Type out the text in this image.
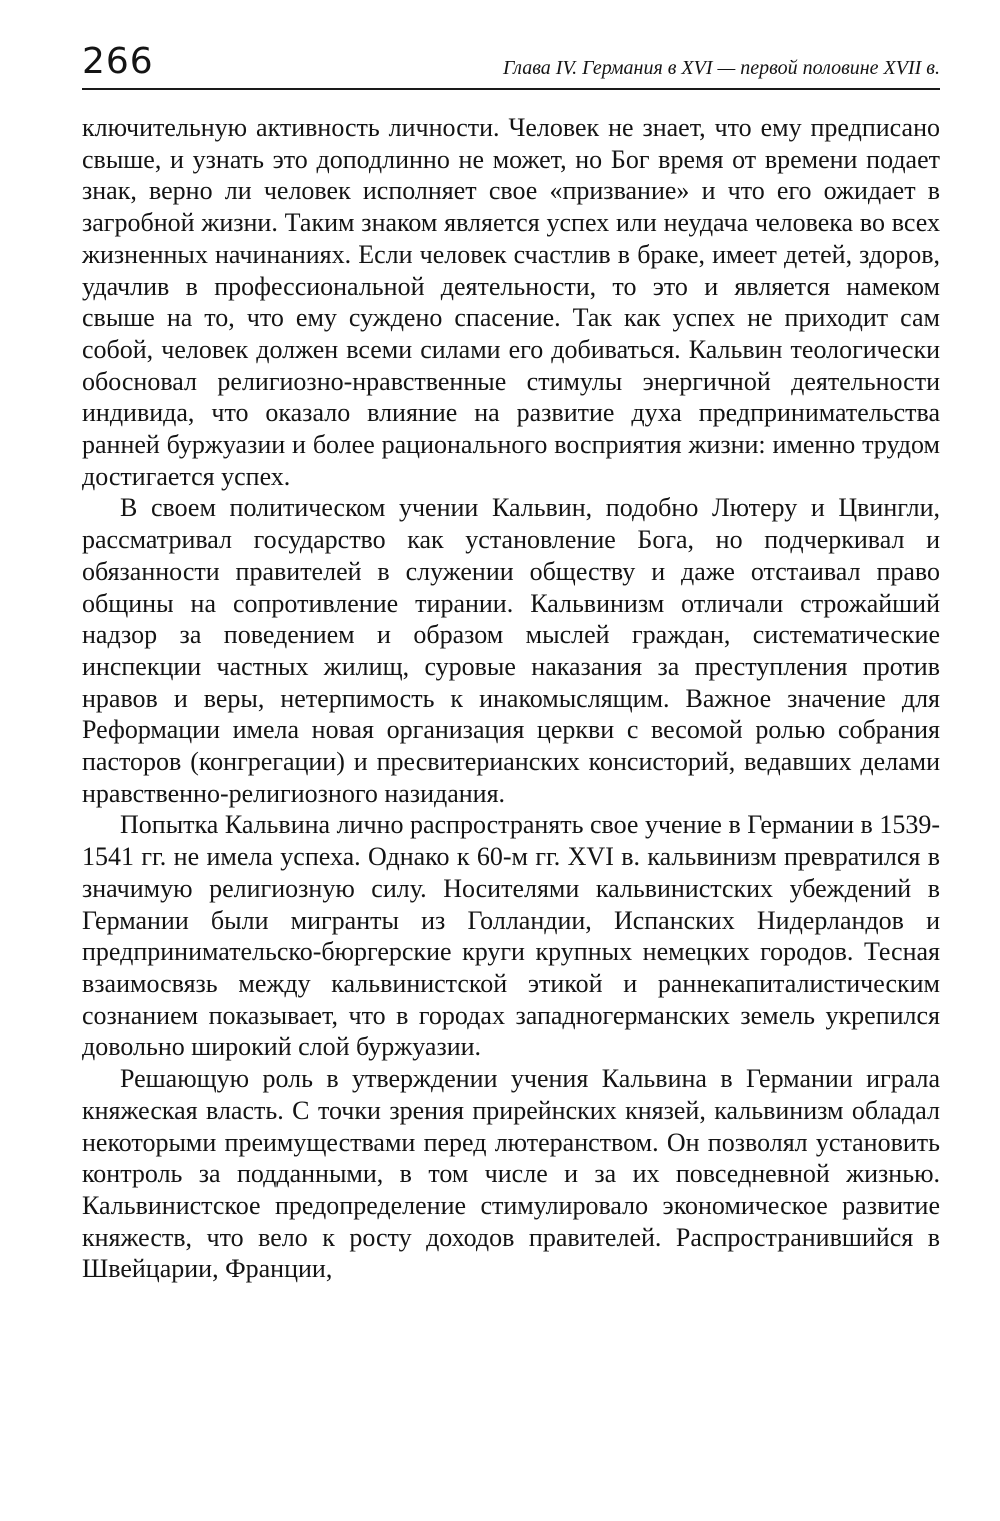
266	Глава IV. Германия в XVI — первой половине XVII в.

ключительную активность личности. Человек не знает, что ему предписано свыше, и узнать это доподлинно не может, но Бог время от времени подает знак, верно ли человек исполняет свое «призвание» и что его ожидает в загробной жизни. Таким знаком является успех или неудача человека во всех жизненных начинаниях. Если человек счастлив в браке, имеет детей, здоров, удачлив в профессиональной деятельности, то это и является намеком свыше на то, что ему суждено спасение. Так как успех не приходит сам собой, человек должен всеми силами его добиваться. Кальвин теологически обосновал религиозно-нравственные стимулы энергичной деятельности индивида, что оказало влияние на развитие духа предпринимательства ранней буржуазии и более рационального восприятия жизни: именно трудом достигается успех.

В своем политическом учении Кальвин, подобно Лютеру и Цвингли, рассматривал государство как установление Бога, но подчеркивал и обязанности правителей в служении обществу и даже отстаивал право общины на сопротивление тирании. Кальвинизм отличали строжайший надзор за поведением и образом мыслей граждан, систематические инспекции частных жилищ, суровые наказания за преступления против нравов и веры, нетерпимость к инакомыслящим. Важное значение для Реформации имела новая организация церкви с весомой ролью собрания пасторов (конгрегации) и пресвитерианских консисторий, ведавших делами нравственно-религиозного назидания.

Попытка Кальвина лично распространять свое учение в Германии в 1539-1541 гг. не имела успеха. Однако к 60-м гг. XVI в. кальвинизм превратился в значимую религиозную силу. Носителями кальвинистских убеждений в Германии были мигранты из Голландии, Испанских Нидерландов и предпринимательско-бюргерские круги крупных немецких городов. Тесная взаимосвязь между кальвинистской этикой и раннекапиталистическим сознанием показывает, что в городах западногерманских земель укрепился довольно широкий слой буржуазии.

Решающую роль в утверждении учения Кальвина в Германии играла княжеская власть. С точки зрения прирейнских князей, кальвинизм обладал некоторыми преимуществами перед лютеранством. Он позволял установить контроль за подданными, в том числе и за их повседневной жизнью. Кальвинистское предопределение стимулировало экономическое развитие княжеств, что вело к росту доходов правителей. Распространившийся в Швейцарии, Франции,
